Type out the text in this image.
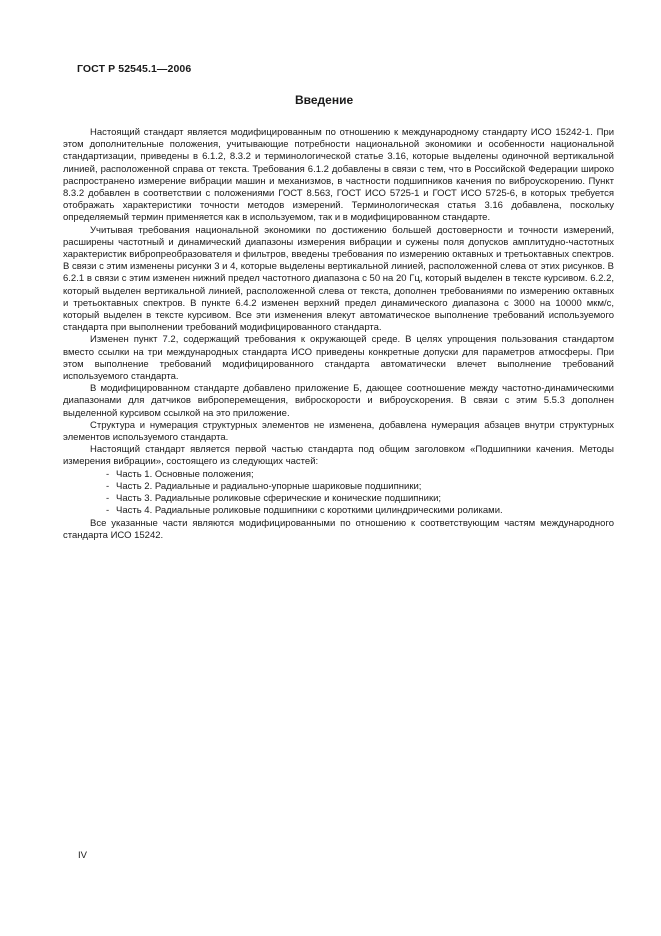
ГОСТ Р 52545.1—2006
Введение

Настоящий стандарт является модифицированным по отношению к международному стандарту ИСО 15242-1. При этом дополнительные положения, учитывающие потребности национальной экономики и особенности национальной стандартизации, приведены в 6.1.2, 8.3.2 и терминологической статье 3.16, которые выделены одиночной вертикальной линией, расположенной справа от текста. Требования 6.1.2 добавлены в связи с тем, что в Российской Федерации широко распространено измерение вибрации машин и механизмов, в частности подшипников качения по виброускорению. Пункт 8.3.2 добавлен в соответствии с положениями ГОСТ 8.563, ГОСТ ИСО 5725-1 и ГОСТ ИСО 5725-6, в которых требуется отображать характеристики точности методов измерений. Терминологическая статья 3.16 добавлена, поскольку определяемый термин применяется как в используемом, так и в модифицированном стандарте.

Учитывая требования национальной экономики по достижению большей достоверности и точности измерений, расширены частотный и динамический диапазоны измерения вибрации и сужены поля допусков амплитудно-частотных характеристик вибропреобразователя и фильтров, введены требования по измерению октавных и третьоктавных спектров. В связи с этим изменены рисунки 3 и 4, которые выделены вертикальной линией, расположенной слева от этих рисунков. В 6.2.1 в связи с этим изменен нижний предел частотного диапазона с 50 на 20 Гц, который выделен в тексте курсивом. 6.2.2, который выделен вертикальной линией, расположенной слева от текста, дополнен требованиями по измерению октавных и третьоктавных спектров. В пункте 6.4.2 изменен верхний предел динамического диапазона с 3000 на 10000 мкм/с, который выделен в тексте курсивом. Все эти изменения влекут автоматическое выполнение требований используемого стандарта при выполнении требований модифицированного стандарта.

Изменен пункт 7.2, содержащий требования к окружающей среде. В целях упрощения пользования стандартом вместо ссылки на три международных стандарта ИСО приведены конкретные допуски для параметров атмосферы. При этом выполнение требований модифицированного стандарта автоматически влечет выполнение требований используемого стандарта.

В модифицированном стандарте добавлено приложение Б, дающее соотношение между частотно-динамическими диапазонами для датчиков виброперемещения, виброскорости и виброускорения. В связи с этим 5.5.3 дополнен выделенной курсивом ссылкой на это приложение.

Структура и нумерация структурных элементов не изменена, добавлена нумерация абзацев внутри структурных элементов используемого стандарта.

Настоящий стандарт является первой частью стандарта под общим заголовком «Подшипники качения. Методы измерения вибрации», состоящего из следующих частей:

- Часть 1. Основные положения;
- Часть 2. Радиальные и радиально-упорные шариковые подшипники;
- Часть 3. Радиальные роликовые сферические и конические подшипники;
- Часть 4. Радиальные роликовые подшипники с короткими цилиндрическими роликами.

Все указанные части являются модифицированными по отношению к соответствующим частям международного стандарта ИСО 15242.

IV
